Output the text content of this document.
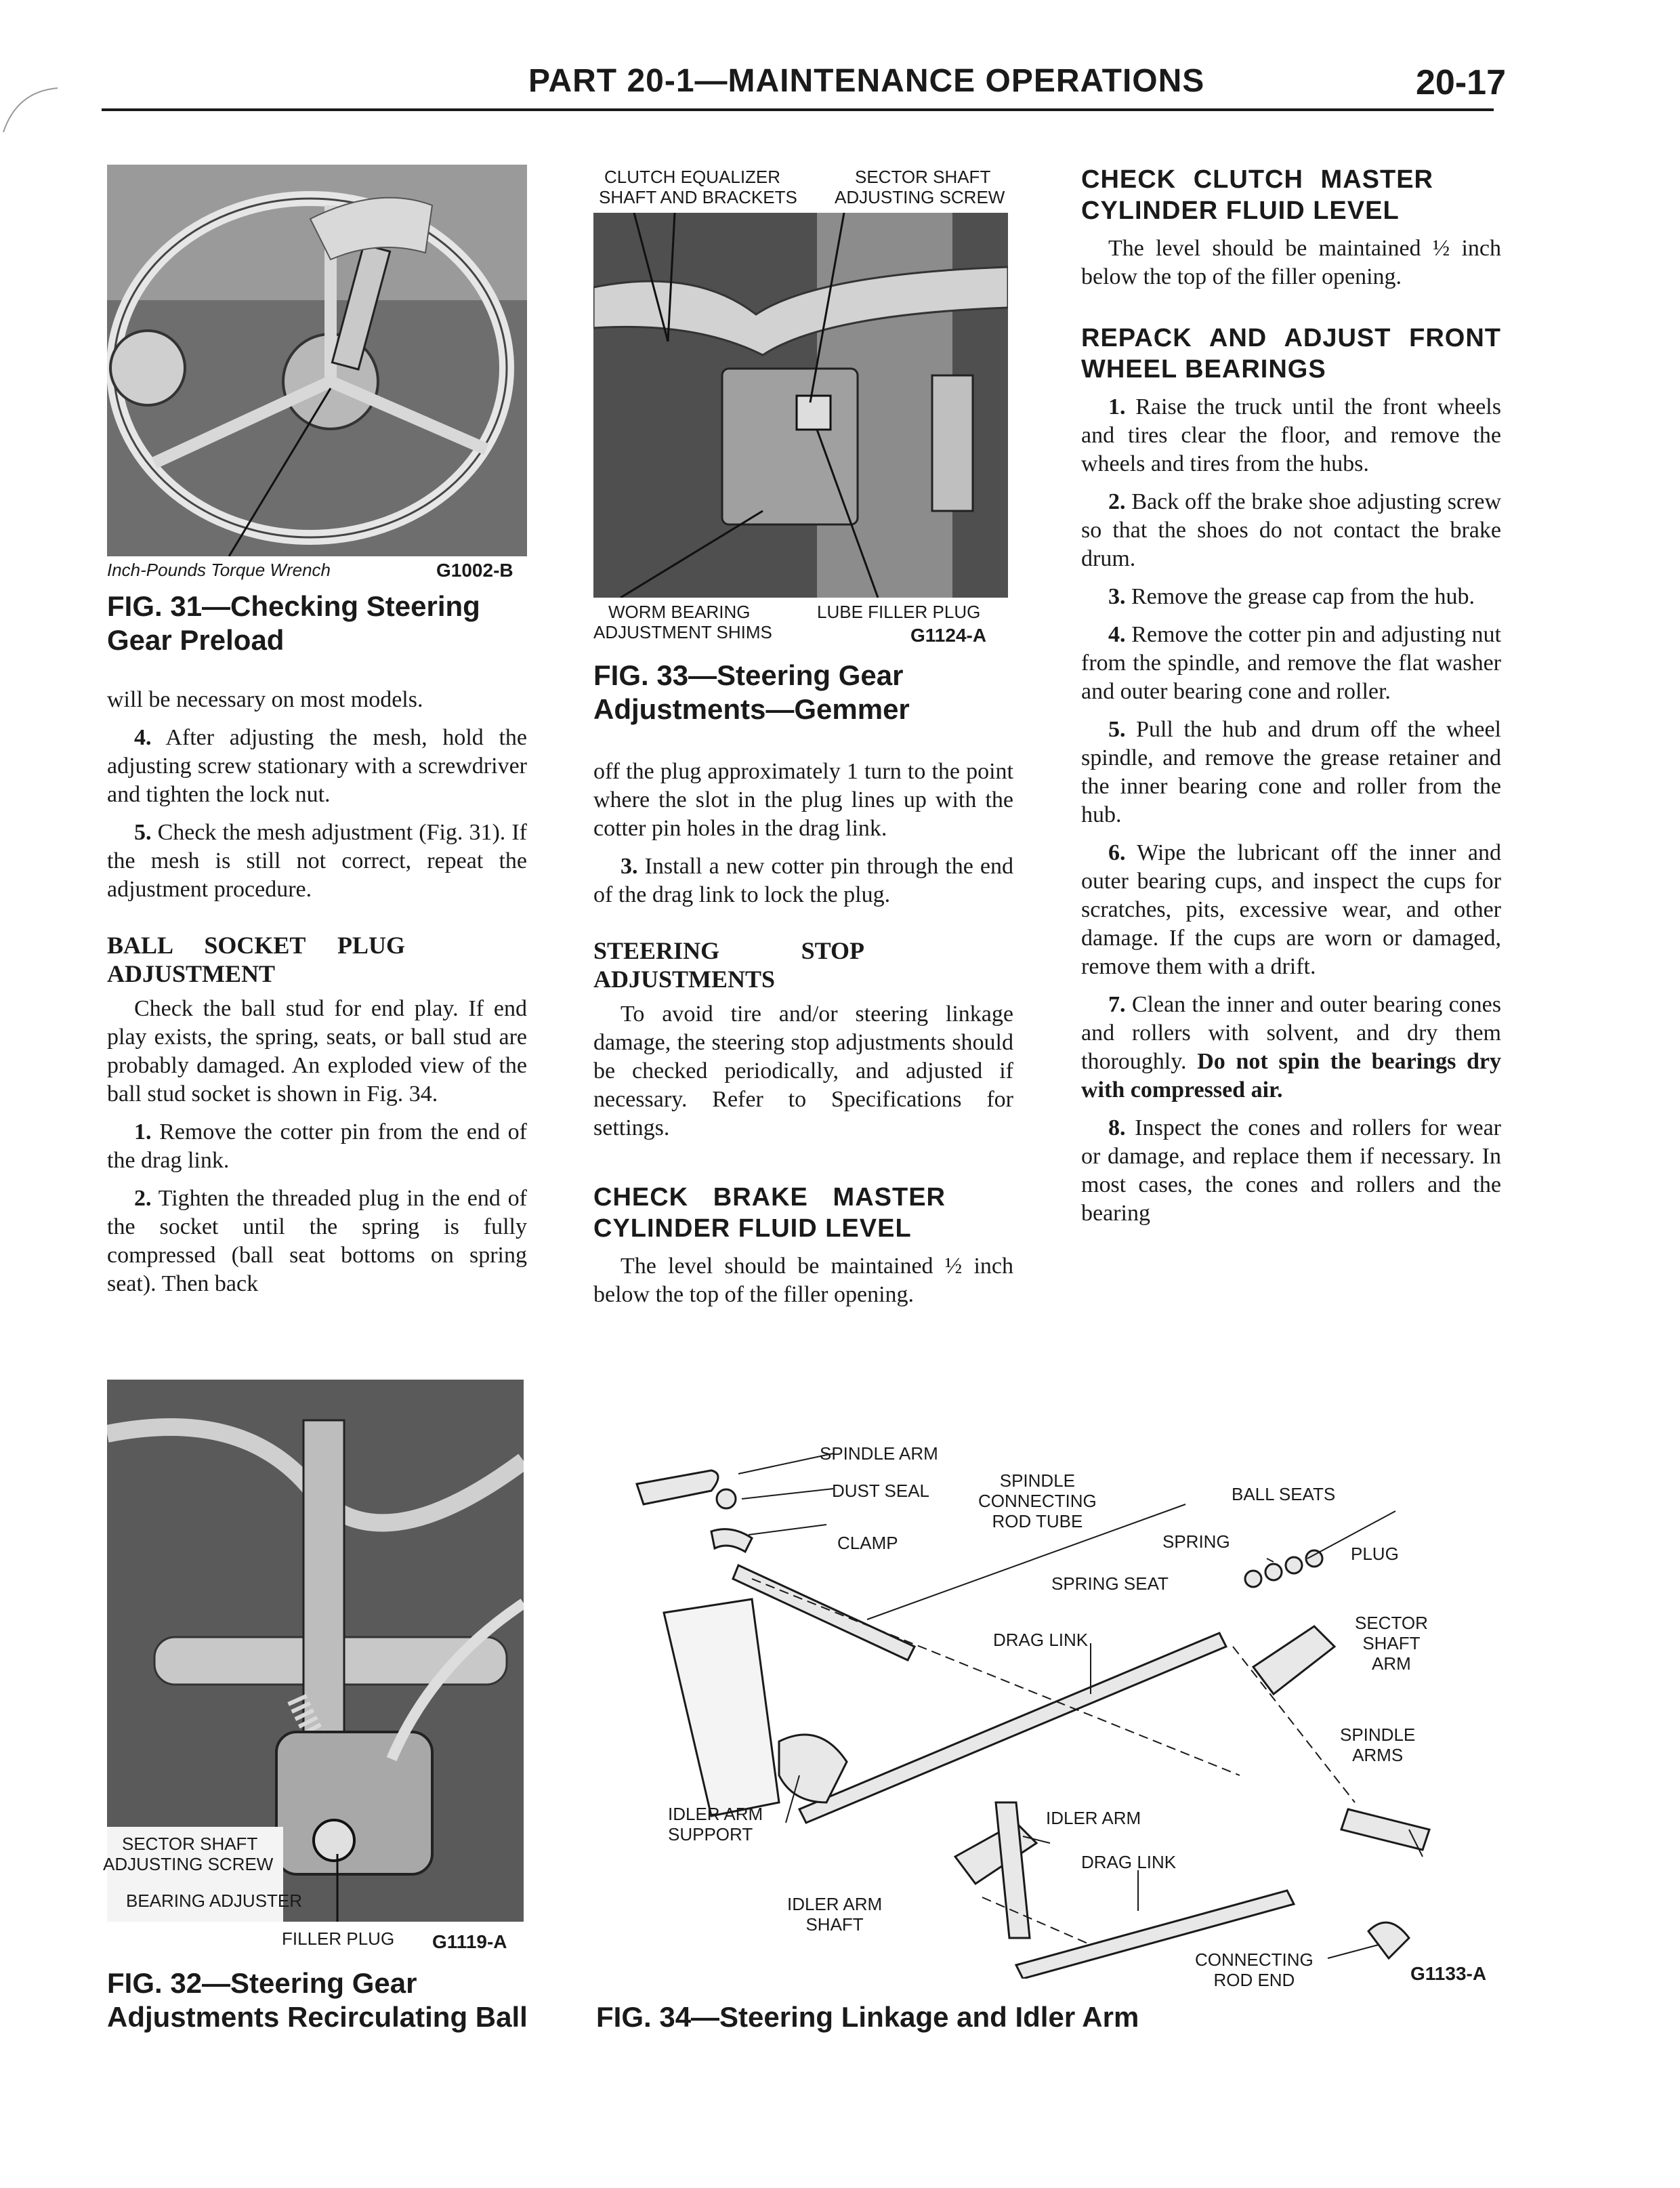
PART 20-1—MAINTENANCE OPERATIONS	20-17
Inch-Pounds Torque Wrench	G1002-B
FIG. 31—Checking Steering
Gear Preload

will be necessary on most models.

4. After adjusting the mesh, hold the adjusting screw stationary with a screwdriver and tighten the lock nut.

5. Check the mesh adjustment (Fig. 31). If the mesh is still not correct, repeat the adjustment procedure.

BALL SOCKET PLUG ADJUSTMENT

Check the ball stud for end play. If end play exists, the spring, seats, or ball stud are probably damaged. An exploded view of the ball stud socket is shown in Fig. 34.

1. Remove the cotter pin from the end of the drag link.

2. Tighten the threaded plug in the end of the socket until the spring is fully compressed (ball seat bottoms on spring seat). Then back

SECTOR SHAFT
ADJUSTING SCREW
BEARING ADJUSTER
FILLER PLUG G1119-A
FIG. 32—Steering Gear
Adjustments Recirculating Ball
CLUTCH EQUALIZER
SHAFT AND BRACKETS
SECTOR SHAFT
ADJUSTING SCREW
WORM BEARING
ADJUSTMENT SHIMS
LUBE FILLER PLUG
G1124-A
FIG. 33—Steering Gear
Adjustments—Gemmer

off the plug approximately 1 turn to the point where the slot in the plug lines up with the cotter pin holes in the drag link.

3. Install a new cotter pin through the end of the drag link to lock the plug.

STEERING STOP ADJUSTMENTS

To avoid tire and/or steering linkage damage, the steering stop adjustments should be checked periodically, and adjusted if necessary. Refer to Specifications for settings.

CHECK BRAKE MASTER CYLINDER FLUID LEVEL

The level should be maintained ½ inch below the top of the filler opening.

CHECK CLUTCH MASTER CYLINDER FLUID LEVEL

The level should be maintained ½ inch below the top of the filler opening.

REPACK AND ADJUST FRONT WHEEL BEARINGS

1. Raise the truck until the front wheels and tires clear the floor, and remove the wheels and tires from the hubs.

2. Back off the brake shoe adjusting screw so that the shoes do not contact the brake drum.

3. Remove the grease cap from the hub.

4. Remove the cotter pin and adjusting nut from the spindle, and remove the flat washer and outer bearing cone and roller.

5. Pull the hub and drum off the wheel spindle, and remove the grease retainer and the inner bearing cone and roller from the hub.

6. Wipe the lubricant off the inner and outer bearing cups, and inspect the cups for scratches, pits, excessive wear, and other damage. If the cups are worn or damaged, remove them with a drift.

7. Clean the inner and outer bearing cones and rollers with solvent, and dry them thoroughly. Do not spin the bearings dry with compressed air.

8. Inspect the cones and rollers for wear or damage, and replace them if necessary. In most cases, the cones and rollers and the bearing

SPINDLE ARM
DUST SEAL
CLAMP
SPINDLE
CONNECTING
ROD TUBE
BALL SEATS
SPRING
PLUG
SPRING SEAT
DRAG LINK
SECTOR
SHAFT
ARM
SPINDLE
ARMS
IDLER ARM
SUPPORT
IDLER ARM
DRAG LINK
IDLER ARM
SHAFT
CONNECTING
ROD END	G1133-A
FIG. 34—Steering Linkage and Idler Arm
